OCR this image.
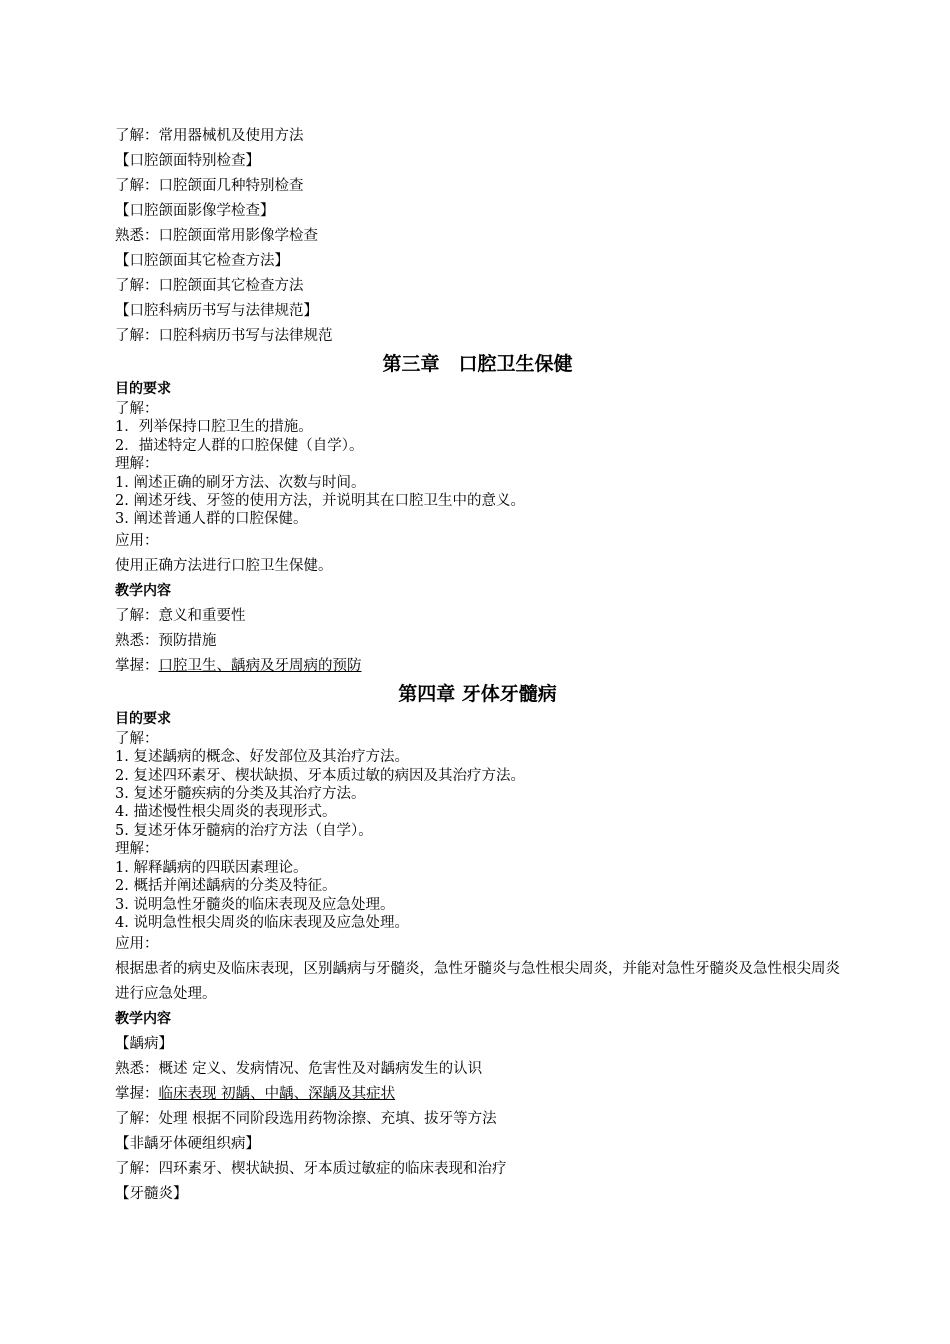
了解：常用器械机及使用方法
【口腔颌面特别检查】
了解：口腔颌面几种特别检查
【口腔颌面影像学检查】
熟悉：口腔颌面常用影像学检查
【口腔颌面其它检查方法】
了解：口腔颌面其它检查方法
【口腔科病历书写与法律规范】
了解：口腔科病历书写与法律规范
第三章　口腔卫生保健
目的要求
了解：
1．列举保持口腔卫生的措施。
2．描述特定人群的口腔保健（自学）。
理解：
1. 阐述正确的刷牙方法、次数与时间。
2. 阐述牙线、牙签的使用方法，并说明其在口腔卫生中的意义。
3. 阐述普通人群的口腔保健。
应用：
使用正确方法进行口腔卫生保健。
教学内容
了解：意义和重要性
熟悉：预防措施
掌握：口腔卫生、龋病及牙周病的预防
第四章 牙体牙髓病
目的要求
了解：
1. 复述龋病的概念、好发部位及其治疗方法。
2. 复述四环素牙、楔状缺损、牙本质过敏的病因及其治疗方法。
3. 复述牙髓疾病的分类及其治疗方法。
4. 描述慢性根尖周炎的表现形式。
5. 复述牙体牙髓病的治疗方法（自学）。
理解：
1. 解释龋病的四联因素理论。
2. 概括并阐述龋病的分类及特征。
3. 说明急性牙髓炎的临床表现及应急处理。
4. 说明急性根尖周炎的临床表现及应急处理。
应用：
根据患者的病史及临床表现，区别龋病与牙髓炎，急性牙髓炎与急性根尖周炎，并能对急性牙髓炎及急性根尖周炎进行应急处理。
教学内容
【龋病】
熟悉：概述 定义、发病情况、危害性及对龋病发生的认识
掌握：临床表现 初龋、中龋、深龋及其症状
了解：处理 根据不同阶段选用药物涂擦、充填、拔牙等方法
【非龋牙体硬组织病】
了解：四环素牙、楔状缺损、牙本质过敏症的临床表现和治疗
【牙髓炎】
